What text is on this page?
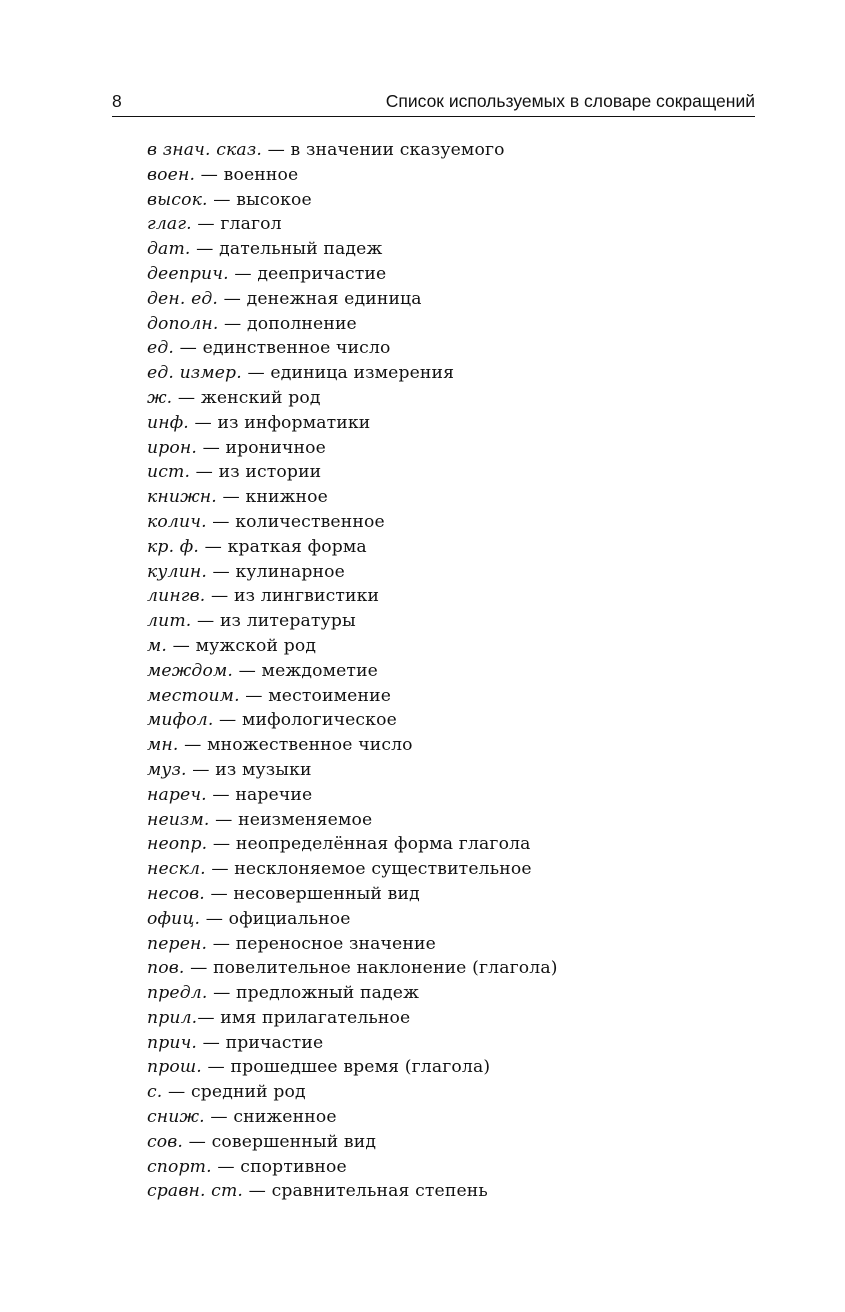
8	Список используемых в словаре сокращений
в знач. сказ. — в значении сказуемого
воен. — военное
высок. — высокое
глаг. — глагол
дат. — дательный падеж
дееприч. — деепричастие
ден. ед. — денежная единица
дополн. — дополнение
ед. — единственное число
ед. измер. — единица измерения
ж. — женский род
инф. — из информатики
ирон. — ироничное
ист. — из истории
книжн. — книжное
колич. — количественное
кр. ф. — краткая форма
кулин. — кулинарное
лингв. — из лингвистики
лит. — из литературы
м. — мужской род
междом. — междометие
местоим. — местоимение
мифол. — мифологическое
мн. — множественное число
муз. — из музыки
нареч. — наречие
неизм. — неизменяемое
неопр. — неопределённая форма глагола
нескл. — несклоняемое существительное
несов. — несовершенный вид
офиц. — официальное
перен. — переносное значение
пов. — повелительное наклонение (глагола)
предл. — предложный падеж
прил.— имя прилагательное
прич. — причастие
прош. — прошедшее время (глагола)
с. — средний род
сниж. — сниженное
сов. — совершенный вид
спорт. — спортивное
сравн. ст. — сравнительная степень
